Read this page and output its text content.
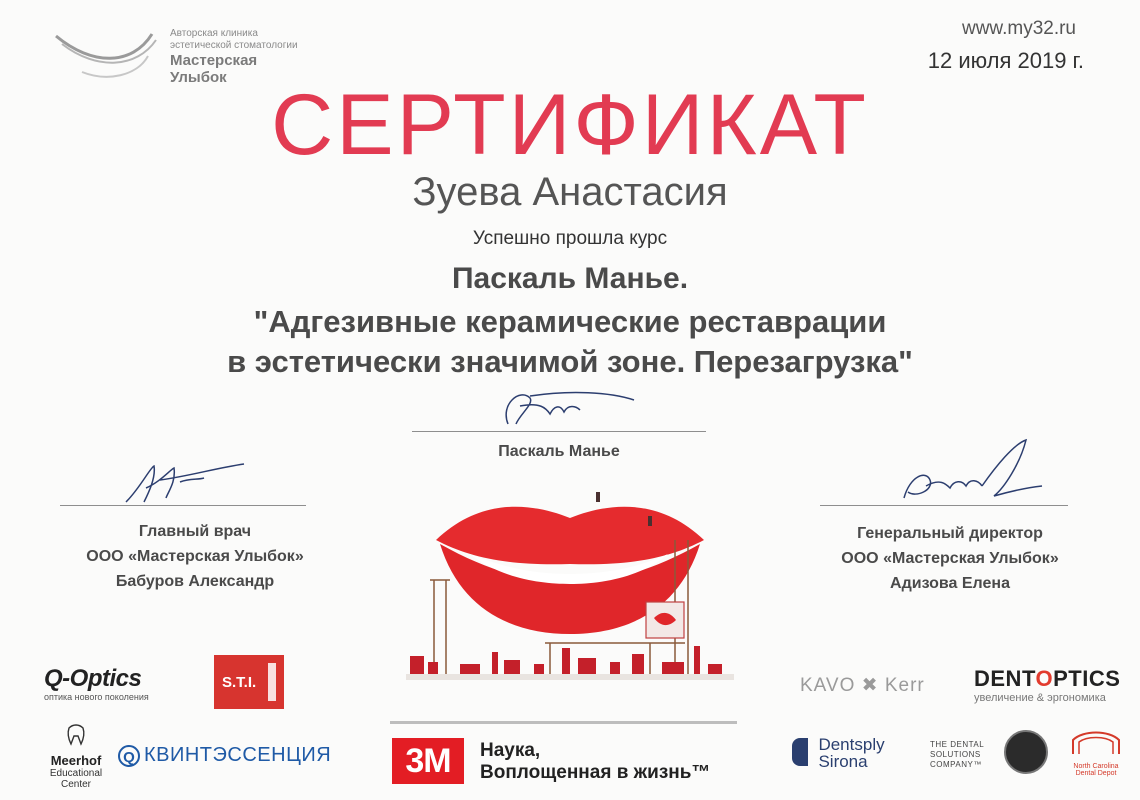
Авторская клиника
эстетической стоматологии
Мастерская
Улыбок
www.my32.ru
12 июля 2019 г.
СЕРТИФИКАТ
Зуева Анастасия
Успешно прошла курс
Паскаль Манье.
"Адгезивные керамические реставрации
в эстетически значимой зоне. Перезагрузка"
Паскаль Манье
Главный врач
ООО «Мастерская Улыбок»
Бабуров Александр
Генеральный директор
ООО «Мастерская Улыбок»
Адизова Елена
Q-Optics
оптика нового поколения
S.T.I.
Meerhof
Educational Center
Q КВИНТЭССЕНЦИЯ	3M	Наука,
Воплощенная в жизнь™
KAVO ✖ Kerr DENTOPTICS
увеличение & эргономика

Dentsply
Sirona
THE DENTAL
SOLUTIONS
COMPANY™	North Carolina Dental Depot
